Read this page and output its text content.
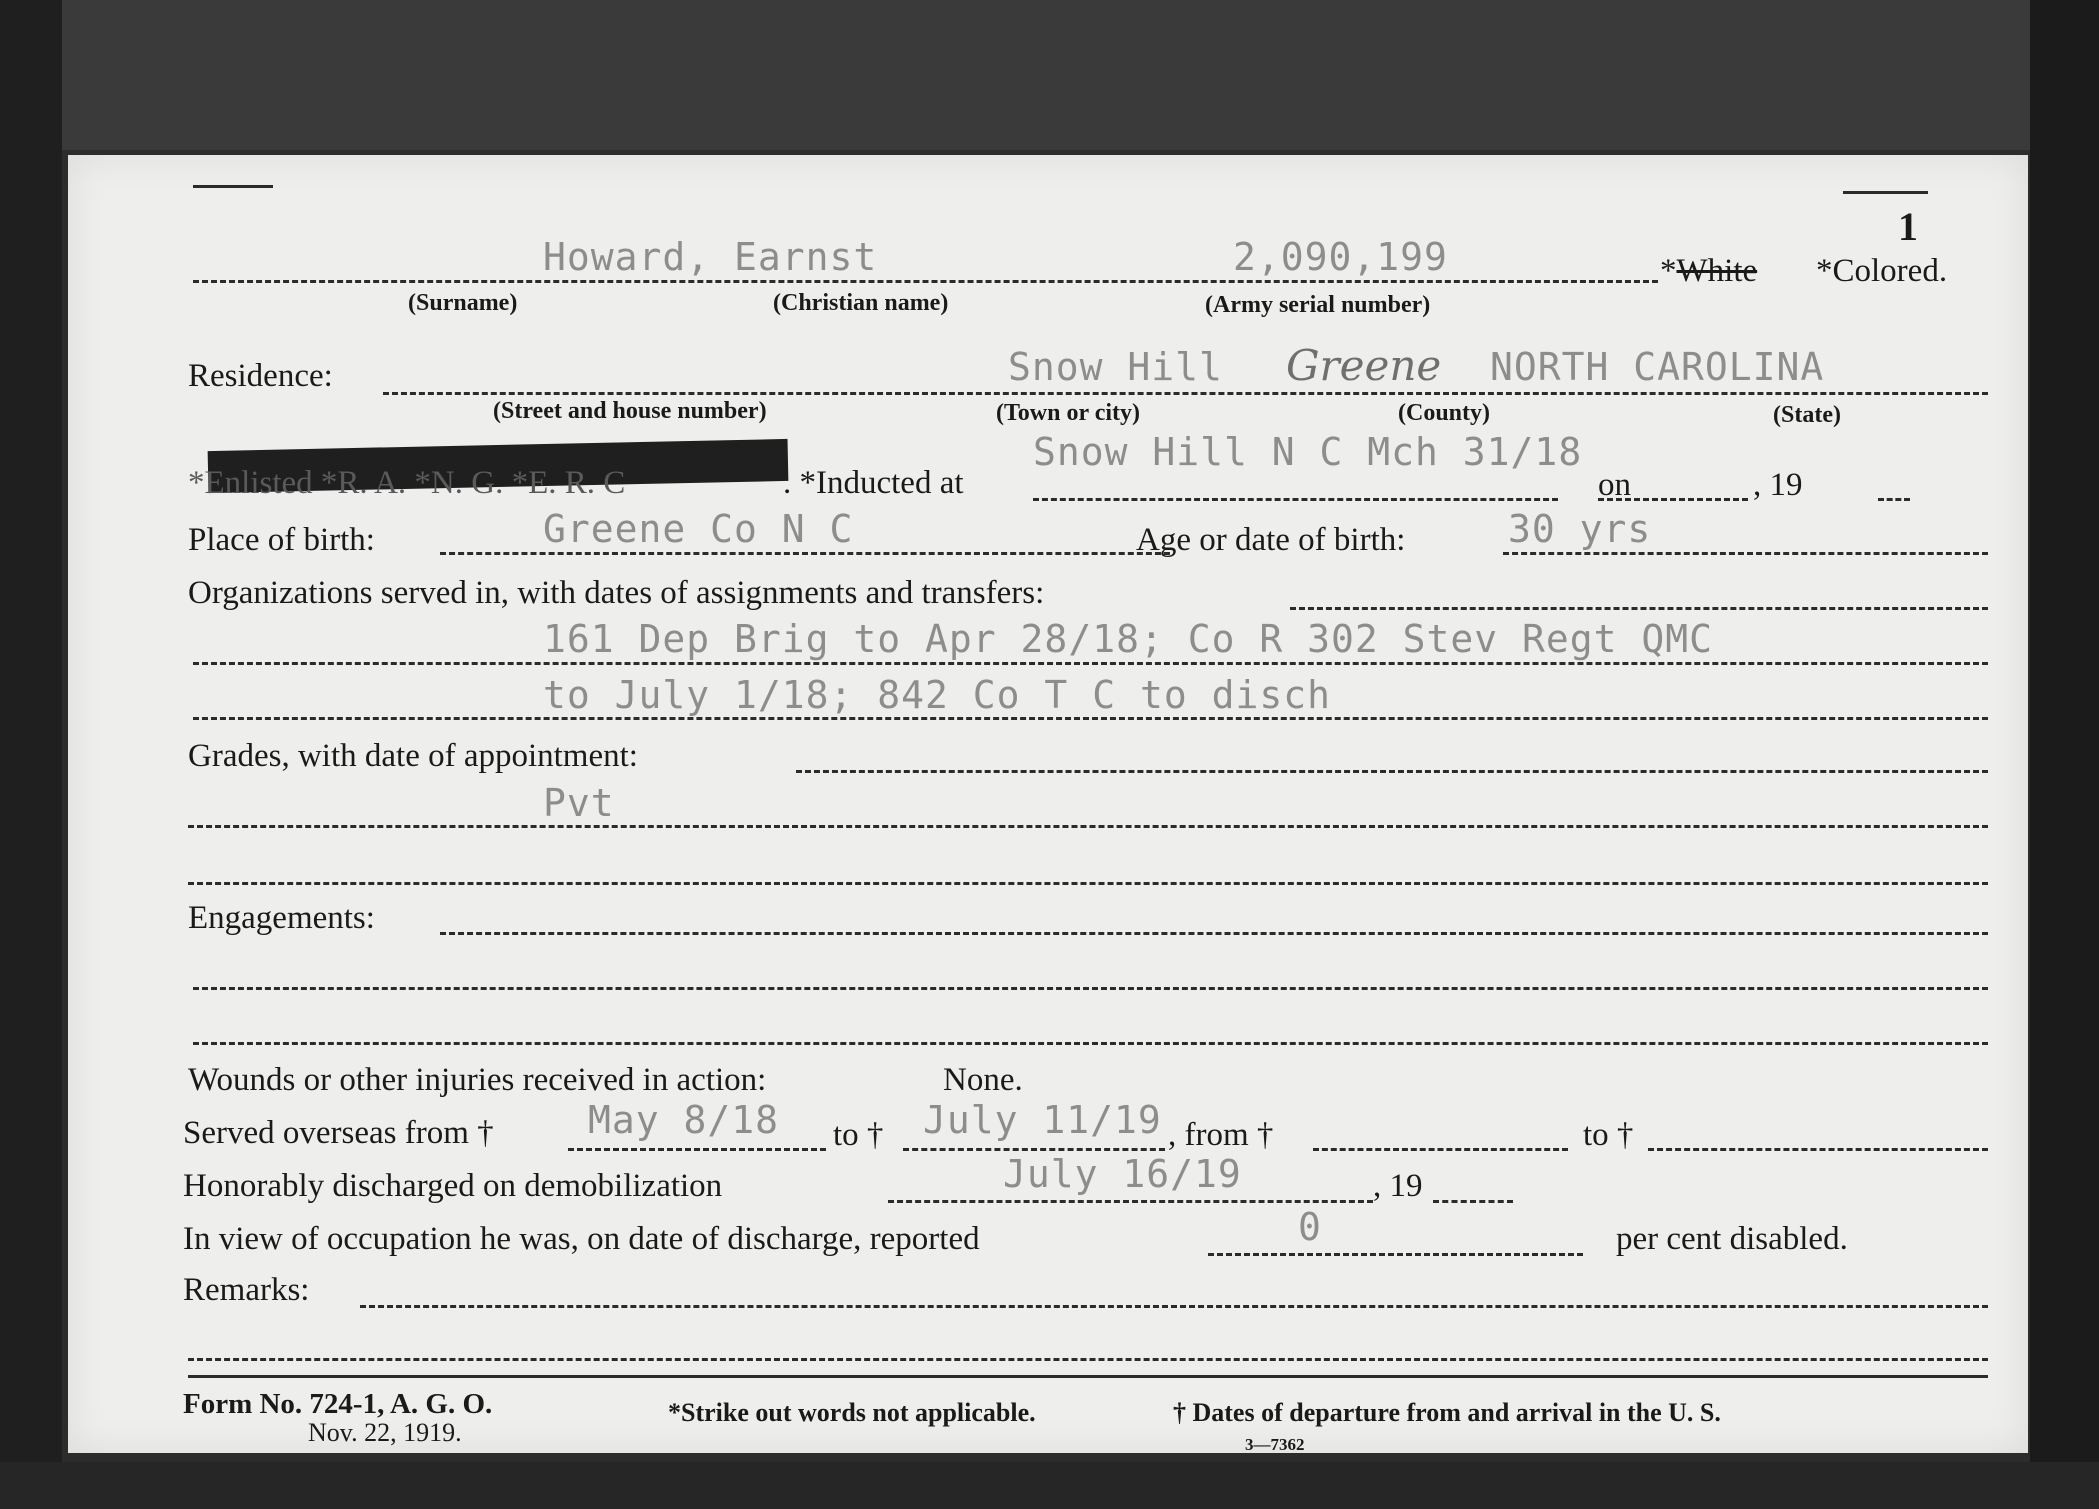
1
Howard, Earnst	2,090,199	*White *Colored.
(Surname)	(Christian name)	(Army serial number)
Residence:	Snow Hill Greene NORTH CAROLINA
(Street and house number)	(Town or city)	(County)	(State)
*Enlisted *R. A. *N. G. *E. R. C	. *Inducted at
Snow Hill N C Mch 31/18
on	, 19
Place of birth:	Greene Co N C	Age or date of birth:	30 yrs
Organizations served in, with dates of assignments and transfers:
161 Dep Brig to Apr 28/18; Co R 302 Stev Regt QMC
to July 1/18; 842 Co T C to disch
Grades, with date of appointment:
Pvt
Engagements:
Wounds or other injuries received in action:	None.
Served overseas from † May 8/18 to † July 11/19 , from †	to †
Honorably discharged on demobilization	July 16/19	, 19
In view of occupation he was, on date of discharge, reported	0	per cent disabled.
Remarks:
Form No. 724-1, A. G. O.
Nov. 22, 1919.
*Strike out words not applicable.	† Dates of departure from and arrival in the U. S.
3—7362
